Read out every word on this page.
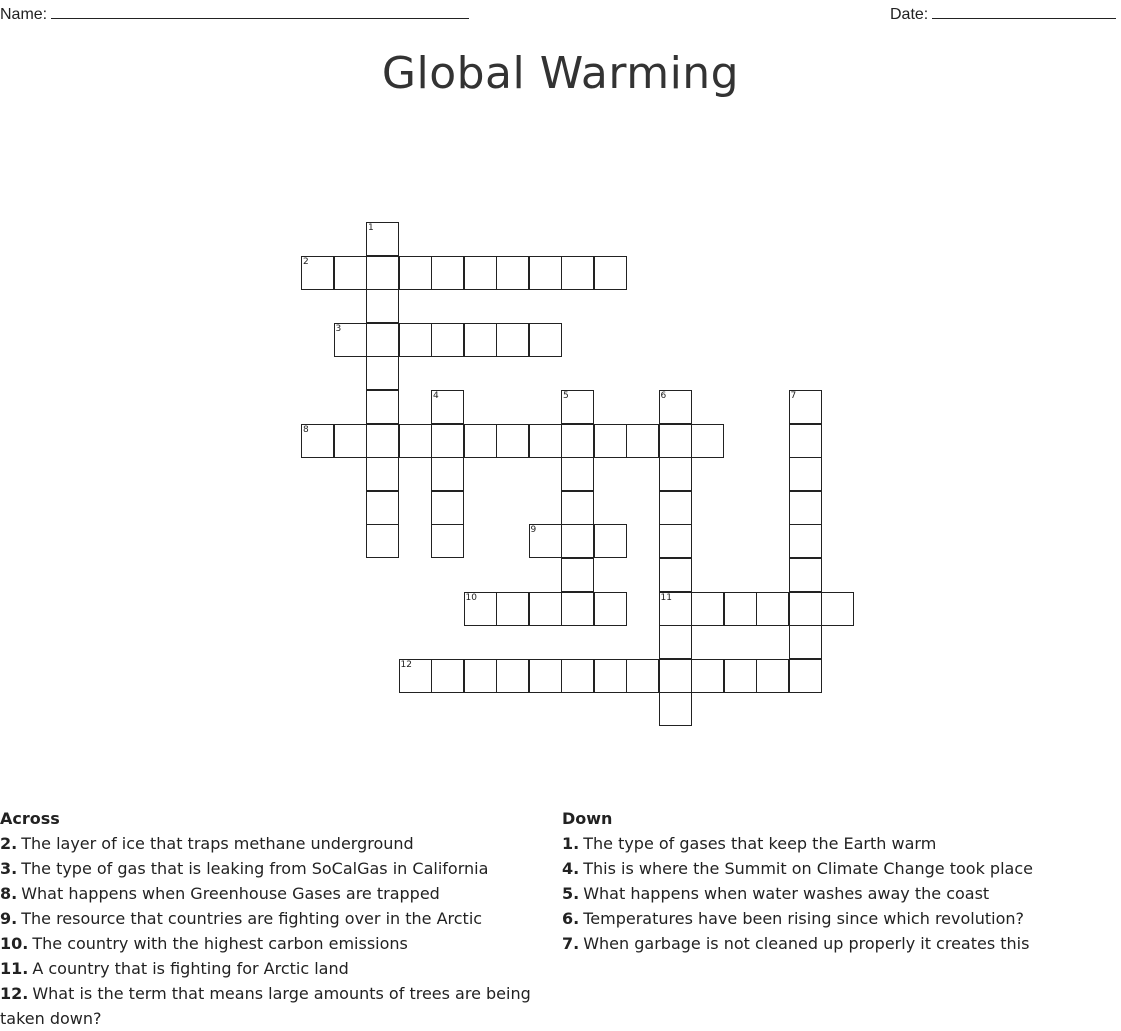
Name:	Date:
Global Warming
1
2
3
4	5	6
11
7
8
9
10
12
Across
2. The layer of ice that traps methane underground
3. The type of gas that is leaking from SoCalGas in California
8. What happens when Greenhouse Gases are trapped
9. The resource that countries are fighting over in the Arctic
10. The country with the highest carbon emissions
11. A country that is fighting for Arctic land
12. What is the term that means large amounts of trees are being taken down?
Down
1. The type of gases that keep the Earth warm
4. This is where the Summit on Climate Change took place
5. What happens when water washes away the coast
6. Temperatures have been rising since which revolution?
7. When garbage is not cleaned up properly it creates this
